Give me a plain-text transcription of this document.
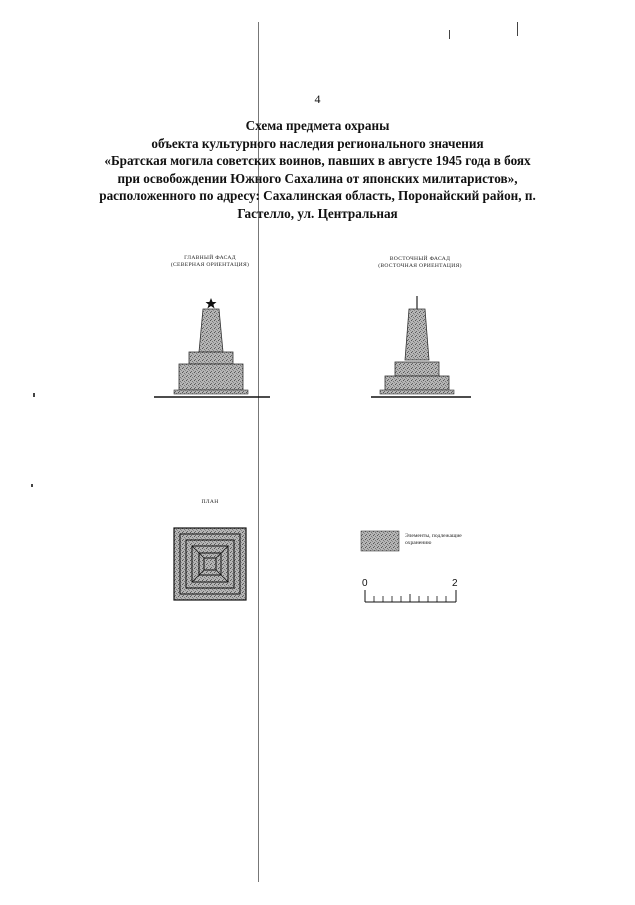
4
Схема предмета охраны
объекта культурного наследия регионального значения
«Братская могила советских воинов, павших в августе 1945 года в боях
при освобождении Южного Сахалина от японских милитаристов»,
расположенного по адресу: Сахалинская область, Поронайский район, п.
Гастелло, ул. Центральная
ГЛАВНЫЙ ФАСАД
(СЕВЕРНАЯ ОРИЕНТАЦИЯ)
ВОСТОЧНЫЙ ФАСАД
(ВОСТОЧНАЯ ОРИЕНТАЦИЯ)
ПЛАН
Элементы, подлежащие
охранению
0	2
